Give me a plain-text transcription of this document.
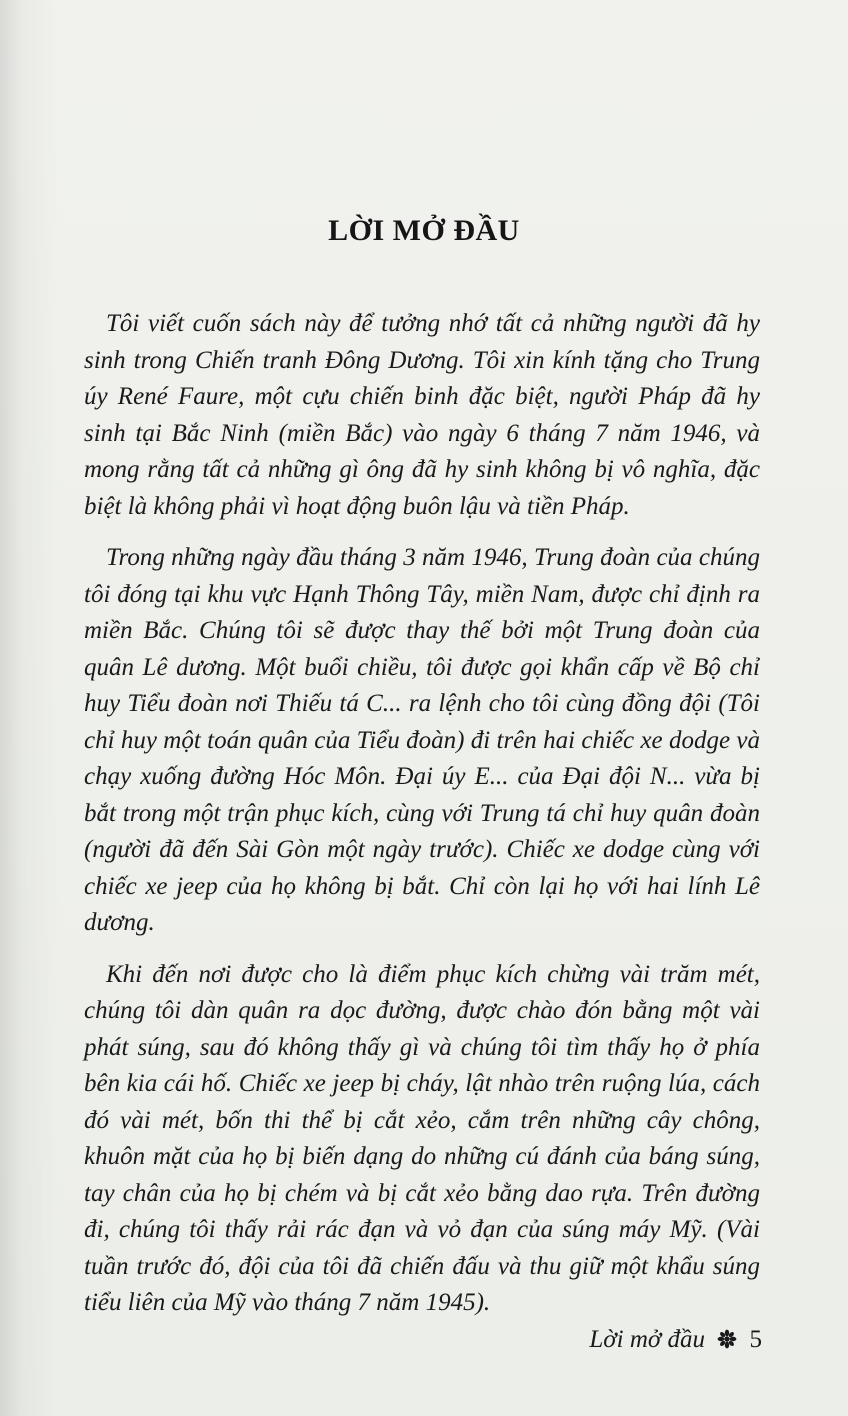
LỜI MỞ ĐẦU

Tôi viết cuốn sách này để tưởng nhớ tất cả những người đã hy sinh trong Chiến tranh Đông Dương. Tôi xin kính tặng cho Trung úy René Faure, một cựu chiến binh đặc biệt, người Pháp đã hy sinh tại Bắc Ninh (miền Bắc) vào ngày 6 tháng 7 năm 1946, và mong rằng tất cả những gì ông đã hy sinh không bị vô nghĩa, đặc biệt là không phải vì hoạt động buôn lậu và tiền Pháp.

Trong những ngày đầu tháng 3 năm 1946, Trung đoàn của chúng tôi đóng tại khu vực Hạnh Thông Tây, miền Nam, được chỉ định ra miền Bắc. Chúng tôi sẽ được thay thế bởi một Trung đoàn của quân Lê dương. Một buổi chiều, tôi được gọi khẩn cấp về Bộ chỉ huy Tiểu đoàn nơi Thiếu tá C... ra lệnh cho tôi cùng đồng đội (Tôi chỉ huy một toán quân của Tiểu đoàn) đi trên hai chiếc xe dodge và chạy xuống đường Hóc Môn. Đại úy E... của Đại đội N... vừa bị bắt trong một trận phục kích, cùng với Trung tá chỉ huy quân đoàn (người đã đến Sài Gòn một ngày trước). Chiếc xe dodge cùng với chiếc xe jeep của họ không bị bắt. Chỉ còn lại họ với hai lính Lê dương.

Khi đến nơi được cho là điểm phục kích chừng vài trăm mét, chúng tôi dàn quân ra dọc đường, được chào đón bằng một vài phát súng, sau đó không thấy gì và chúng tôi tìm thấy họ ở phía bên kia cái hố. Chiếc xe jeep bị cháy, lật nhào trên ruộng lúa, cách đó vài mét, bốn thi thể bị cắt xẻo, cắm trên những cây chông, khuôn mặt của họ bị biến dạng do những cú đánh của báng súng, tay chân của họ bị chém và bị cắt xẻo bằng dao rựa. Trên đường đi, chúng tôi thấy rải rác đạn và vỏ đạn của súng máy Mỹ. (Vài tuần trước đó, đội của tôi đã chiến đấu và thu giữ một khẩu súng tiểu liên của Mỹ vào tháng 7 năm 1945).

Lời mở đầu 5
